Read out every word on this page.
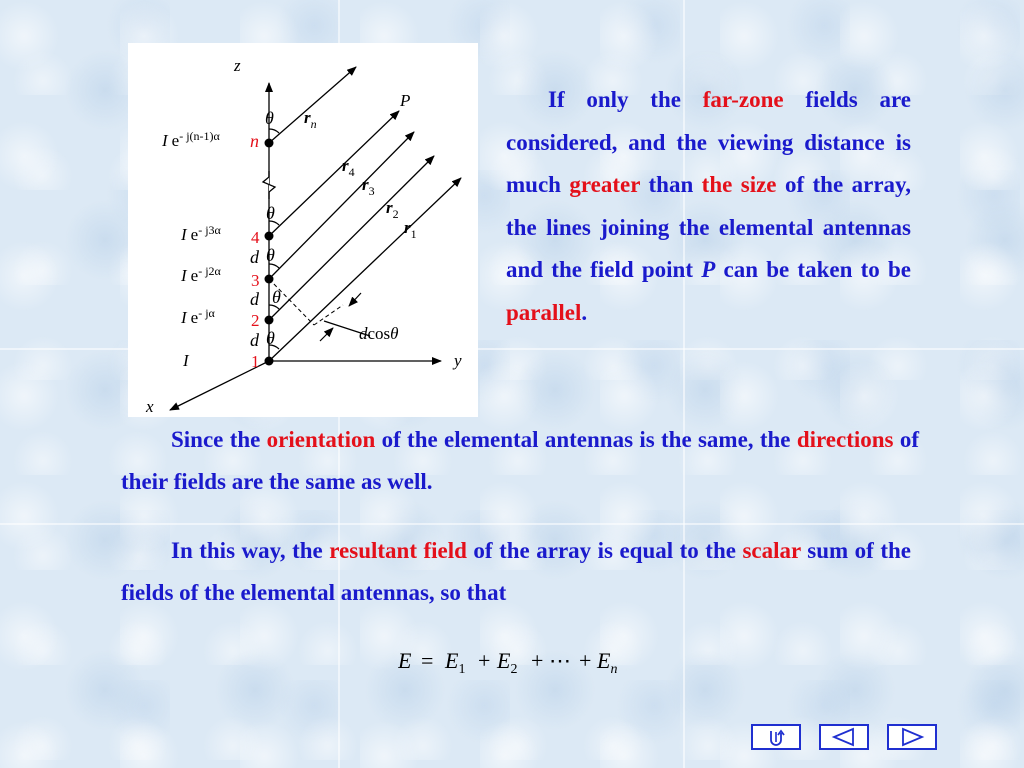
z
y
x
P
$r_n$
$r_4$
$r_3$
$r_2$
$r_1$
θ
θ
θ
θ
θ
d
d
d	dcosθ
I $e^{- j(n-1)\alpha}$ n
I $e^{- j3\alpha}$ 4
I $e^{- j2\alpha}$ 3
I $e^{- j\alpha}$ 2
I	1

If only the far-zone fields are considered, and the viewing distance is much greater than the size of the array, the lines joining the elemental antennas and the field point P can be taken to be parallel.

Since the orientation of the elemental antennas is the same, the directions of their fields are the same as well.

In this way, the resultant field of the array is equal to the scalar sum of the fields of the elemental antennas, so that

$E = E_1 + E_2$ + ⋯ + $E_n$
